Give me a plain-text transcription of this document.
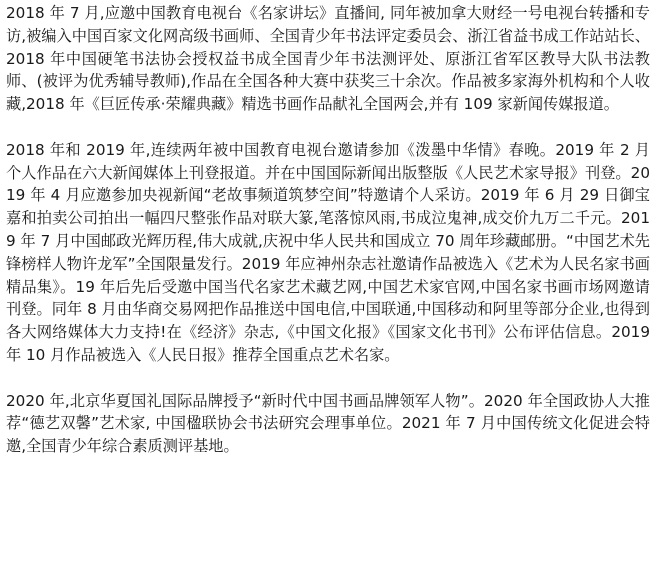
2018 年 7 月,应邀中国教育电视台《名家讲坛》直播间, 同年被加拿大财经一号电视台转播和专访,被编入中国百家文化网高级书画师、全国青少年书法评定委员会、浙江省益书成工作站站长、2018 年中国硬笔书法协会授权益书成全国青少年书法测评处、原浙江省军区教导大队书法教师、(被评为优秀辅导教师),作品在全国各种大赛中获奖三十余次。作品被多家海外机构和个人收藏,2018 年《巨匠传承·荣耀典藏》精选书画作品献礼全国两会,并有 109 家新闻传媒报道。

2018 年和 2019 年,连续两年被中国教育电视台邀请参加《泼墨中华情》春晚。2019 年 2 月个人作品在六大新闻媒体上刊登报道。并在中国国际新闻出版整版《人民艺术家导报》刊登。2019 年 4 月应邀参加央视新闻“老故事频道筑梦空间”特邀请个人采访。2019 年 6 月 29 日御宝嘉和拍卖公司拍出一幅四尺整张作品对联大篆,笔落惊风雨,书成泣鬼神,成交价九万二千元。2019 年 7 月中国邮政光辉历程,伟大成就,庆祝中华人民共和国成立 70 周年珍藏邮册。“中国艺术先锋榜样人物许龙军”全国限量发行。2019 年应神州杂志社邀请作品被选入《艺术为人民名家书画精品集》。19 年后先后受邀中国当代名家艺术藏艺网,中国艺术家官网,中国名家书画市场网邀请刊登。同年 8 月由华商交易网把作品推送中国电信,中国联通,中国移动和阿里等部分企业,也得到各大网络媒体大力支持!在《经济》杂志,《中国文化报》《国家文化书刊》公布评估信息。2019 年 10 月作品被选入《人民日报》推荐全国重点艺术名家。

2020 年,北京华夏国礼国际品牌授予“新时代中国书画品牌领军人物”。2020 年全国政协人大推荐“德艺双馨”艺术家, 中国楹联协会书法研究会理事单位。2021 年 7 月中国传统文化促进会特邀,全国青少年综合素质测评基地。
